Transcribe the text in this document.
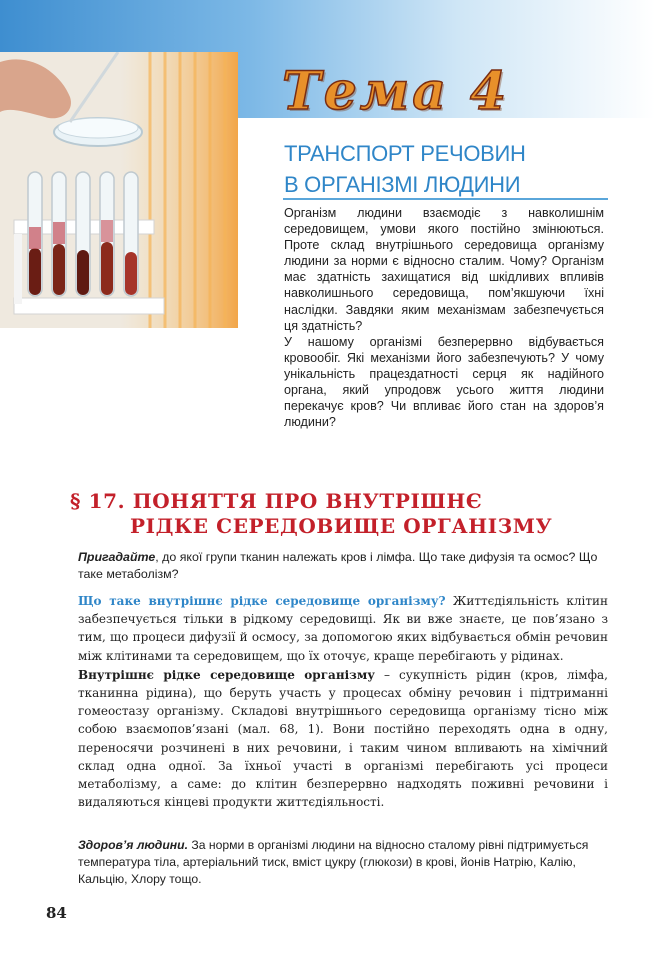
Тема 4
ТРАНСПОРТ РЕЧОВИН
В ОРГАНІЗМІ ЛЮДИНИ

Організм людини взаємодіє з навколишнім середовищем, умови якого постійно змінюються. Проте склад внутрішнього середовища організму людини за норми є відносно сталим. Чому? Організм має здатність захищатися від шкідливих впливів навколишнього середовища, пом’якшуючи їхні наслідки. Завдяки яким механізмам забезпечується ця здатність?

У нашому організмі безперервно відбувається кровообіг. Які механізми його забезпечують? У чому унікальність працездатності серця як надійного органа, який упродовж усього життя людини перекачує кров? Чи впливає його стан на здоров’я людини?

§ 17. ПОНЯТТЯ ПРО ВНУТРІШНЄ
РІДКЕ СЕРЕДОВИЩЕ ОРГАНІЗМУ
Пригадайте, до якої групи тканин належать кров і лімфа. Що таке дифузія та осмос? Що таке метаболізм?

Що таке внутрішнє рідке середовище організму? Життєдіяльність клітин забезпечується тільки в рідкому середовищі. Як ви вже знаєте, це пов’язано з тим, що процеси дифузії й осмосу, за допомогою яких відбувається обмін речовин між клітинами та середовищем, що їх оточує, краще перебігають у рідинах.

Внутрішнє рідке середовище організму – сукупність рідин (кров, лімфа, тканинна рідина), що беруть участь у процесах обміну речовин і підтриманні гомеостазу організму. Складові внутрішнього середовища організму тісно між собою взаємопов’язані (мал. 68, 1). Вони постійно переходять одна в одну, переносячи розчинені в них речовини, і таким чином впливають на хімічний склад одна одної. За їхньої участі в організмі перебігають усі процеси метаболізму, а саме: до клітин безперервно надходять поживні речовини і видаляються кінцеві продукти життєдіяльності.

Здоров’я людини. За норми в організмі людини на відносно сталому рівні підтримується температура тіла, артеріальний тиск, вміст цукру (глюкози) в крові, йонів Натрію, Калію, Кальцію, Хлору тощо.
84
